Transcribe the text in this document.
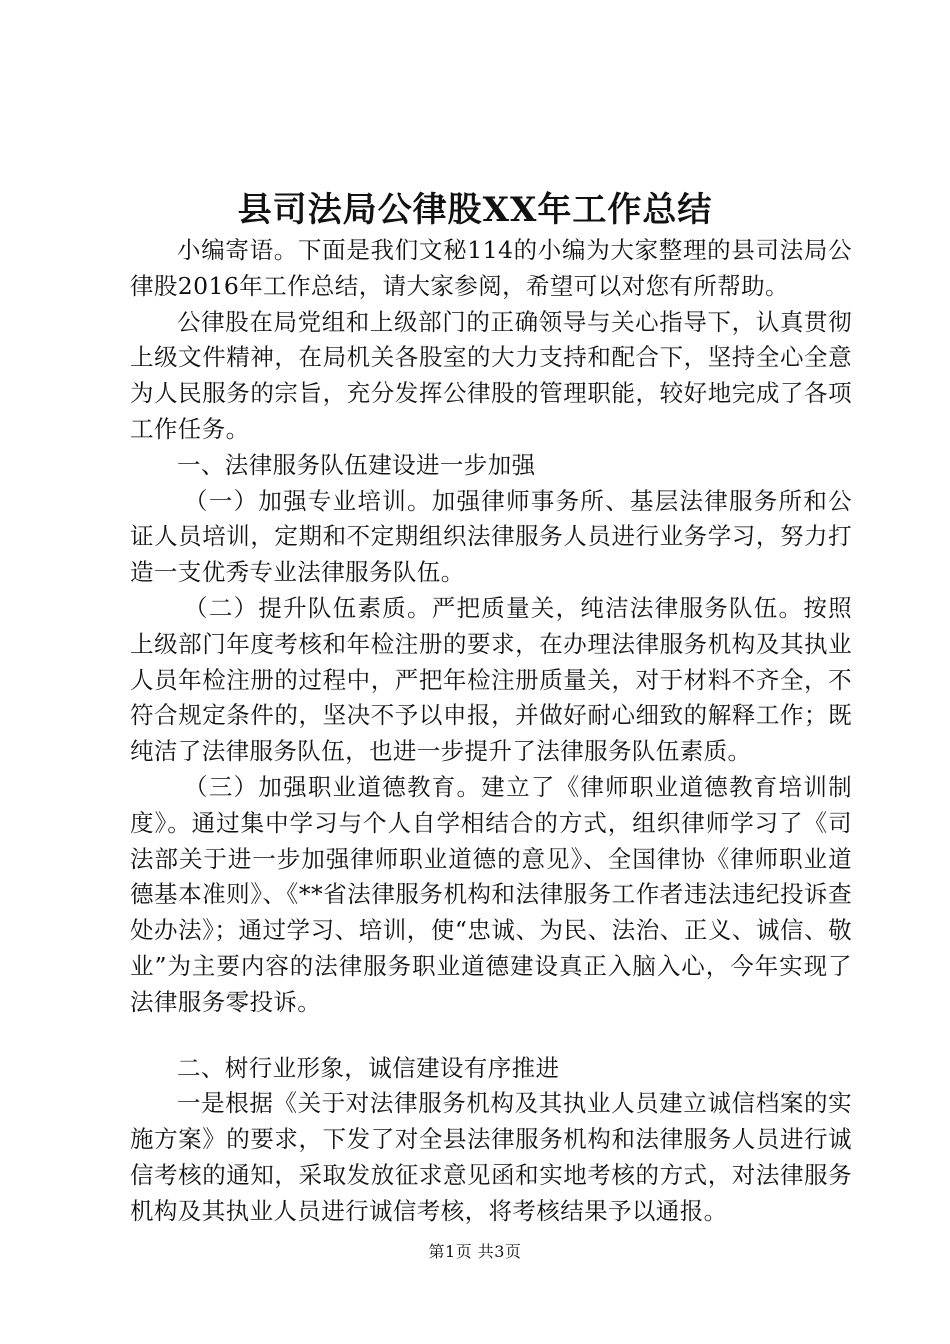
县司法局公律股XX年工作总结

小编寄语。下面是我们文秘114的小编为大家整理的县司法局公律股2016年工作总结，请大家参阅，希望可以对您有所帮助。

公律股在局党组和上级部门的正确领导与关心指导下，认真贯彻上级文件精神，在局机关各股室的大力支持和配合下，坚持全心全意为人民服务的宗旨，充分发挥公律股的管理职能，较好地完成了各项工作任务。

一、法律服务队伍建设进一步加强

（一）加强专业培训。加强律师事务所、基层法律服务所和公证人员培训，定期和不定期组织法律服务人员进行业务学习，努力打造一支优秀专业法律服务队伍。

（二）提升队伍素质。严把质量关，纯洁法律服务队伍。按照上级部门年度考核和年检注册的要求，在办理法律服务机构及其执业人员年检注册的过程中，严把年检注册质量关，对于材料不齐全，不符合规定条件的，坚决不予以申报，并做好耐心细致的解释工作；既纯洁了法律服务队伍，也进一步提升了法律服务队伍素质。

（三）加强职业道德教育。建立了《律师职业道德教育培训制度》。通过集中学习与个人自学相结合的方式，组织律师学习了《司法部关于进一步加强律师职业道德的意见》、全国律协《律师职业道德基本准则》、《**省法律服务机构和法律服务工作者违法违纪投诉查处办法》；通过学习、培训，使“忠诚、为民、法治、正义、诚信、敬业”为主要内容的法律服务职业道德建设真正入脑入心，今年实现了法律服务零投诉。

二、树行业形象，诚信建设有序推进

一是根据《关于对法律服务机构及其执业人员建立诚信档案的实施方案》的要求，下发了对全县法律服务机构和法律服务人员进行诚信考核的通知，采取发放征求意见函和实地考核的方式，对法律服务机构及其执业人员进行诚信考核，将考核结果予以通报。

第1页 共3页
